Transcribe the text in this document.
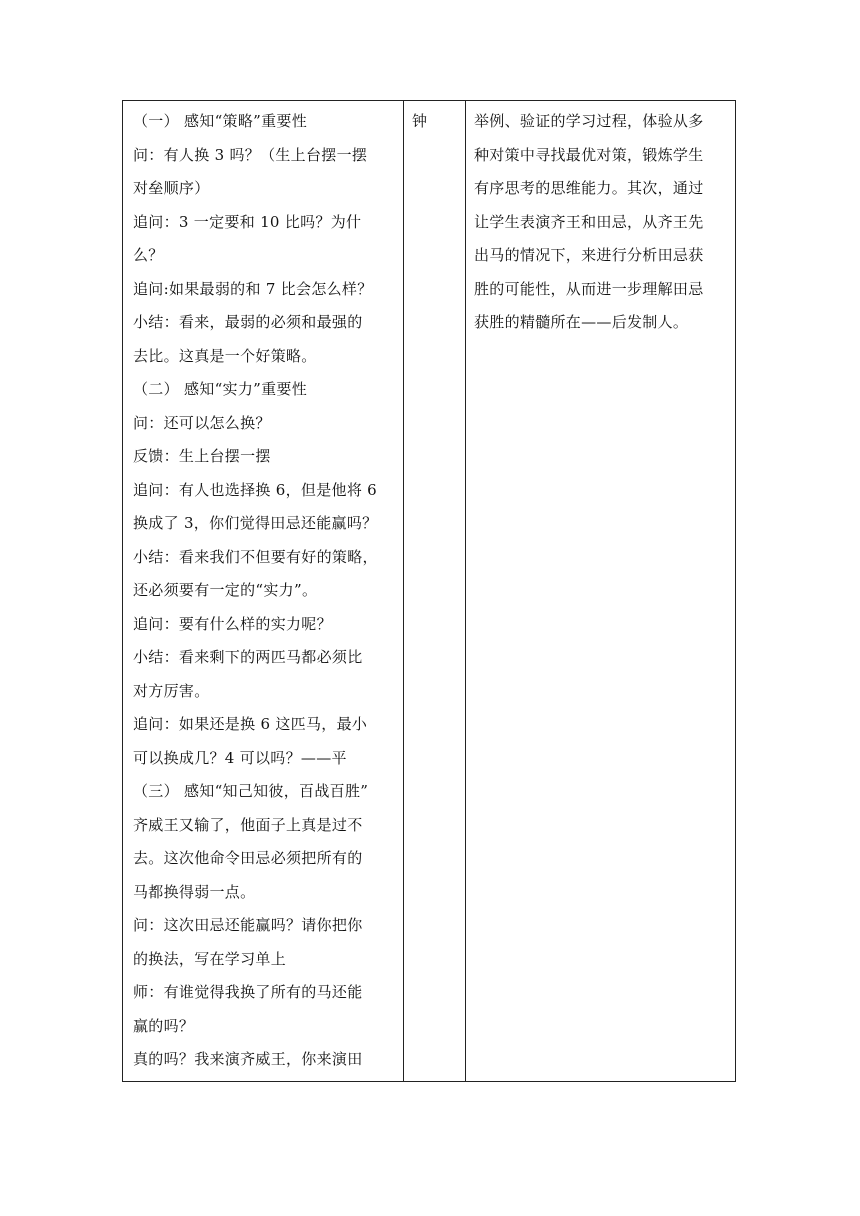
（一） 感知“策略”重要性
问：有人换 3 吗？（生上台摆一摆
对垒顺序）
追问：3 一定要和 10 比吗？为什
么？
追问:如果最弱的和 7 比会怎么样？
小结：看来，最弱的必须和最强的
去比。这真是一个好策略。
（二） 感知“实力”重要性
问：还可以怎么换？
反馈：生上台摆一摆
追问：有人也选择换 6，但是他将 6
换成了 3，你们觉得田忌还能赢吗？
小结：看来我们不但要有好的策略，
还必须要有一定的“实力”。
追问：要有什么样的实力呢？
小结：看来剩下的两匹马都必须比
对方厉害。
追问：如果还是换 6 这匹马，最小
可以换成几？4 可以吗？——平
（三） 感知“知己知彼，百战百胜”
齐威王又输了，他面子上真是过不
去。这次他命令田忌必须把所有的
马都换得弱一点。
问：这次田忌还能赢吗？请你把你
的换法，写在学习单上
师：有谁觉得我换了所有的马还能
赢的吗？
真的吗？我来演齐威王，你来演田
钟	举例、验证的学习过程，体验从多
种对策中寻找最优对策，锻炼学生
有序思考的思维能力。其次，通过
让学生表演齐王和田忌，从齐王先
出马的情况下，来进行分析田忌获
胜的可能性，从而进一步理解田忌
获胜的精髓所在——后发制人。
